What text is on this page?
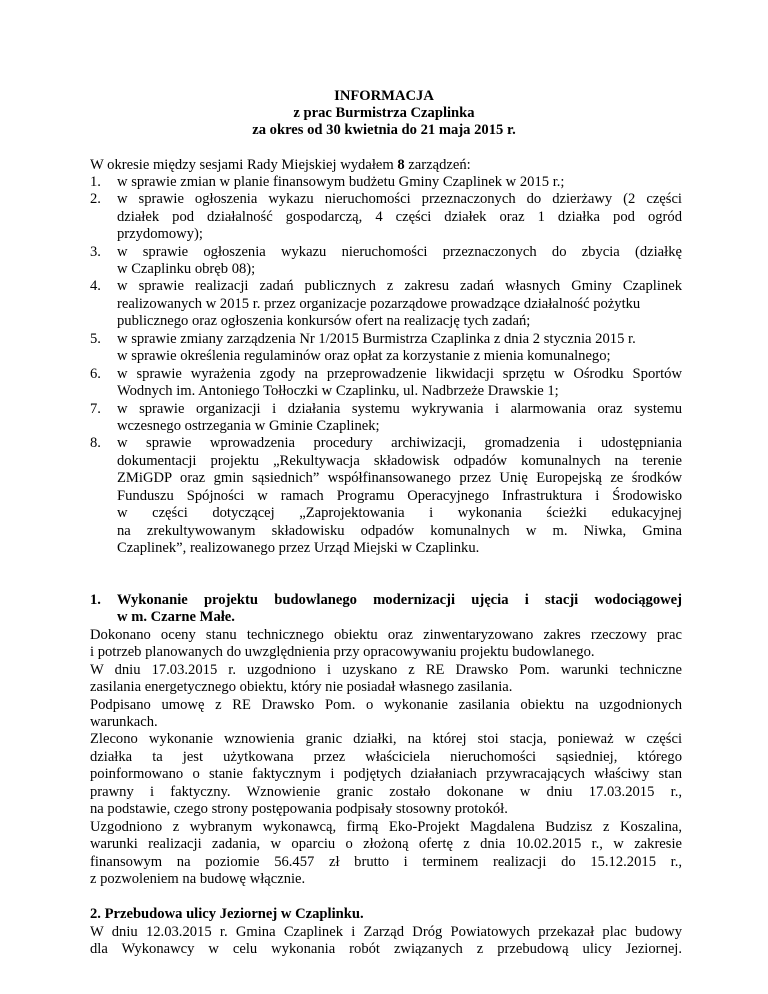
INFORMACJA
z prac Burmistrza Czaplinka
za okres od 30 kwietnia do 21 maja 2015 r.
W okresie między sesjami Rady Miejskiej wydałem 8 zarządzeń:
1. w sprawie zmian w planie finansowym budżetu Gminy Czaplinek w 2015 r.;
2. w sprawie ogłoszenia wykazu nieruchomości przeznaczonych do dzierżawy (2 części
działek pod działalność gospodarczą, 4 części działek oraz 1 działka pod ogród
przydomowy);
3. w sprawie ogłoszenia wykazu nieruchomości przeznaczonych do zbycia (działkę
w Czaplinku obręb 08);
4. w sprawie realizacji zadań publicznych z zakresu zadań własnych Gminy Czaplinek
realizowanych w 2015 r. przez organizacje pozarządowe prowadzące działalność pożytku
publicznego oraz ogłoszenia konkursów ofert na realizację tych zadań;
5. w sprawie zmiany zarządzenia Nr 1/2015 Burmistrza Czaplinka z dnia 2 stycznia 2015 r.
w sprawie określenia regulaminów oraz opłat za korzystanie z mienia komunalnego;
6. w sprawie wyrażenia zgody na przeprowadzenie likwidacji sprzętu w Ośrodku Sportów
Wodnych im. Antoniego Tołłoczki w Czaplinku, ul. Nadbrzeże Drawskie 1;
7. w sprawie organizacji i działania systemu wykrywania i alarmowania oraz systemu
wczesnego ostrzegania w Gminie Czaplinek;
8. w sprawie wprowadzenia procedury archiwizacji, gromadzenia i udostępniania
dokumentacji projektu „Rekultywacja składowisk odpadów komunalnych na terenie
ZMiGDP oraz gmin sąsiednich” współfinansowanego przez Unię Europejską ze środków
Funduszu Spójności w ramach Programu Operacyjnego Infrastruktura i Środowisko
w części dotyczącej „Zaprojektowania i wykonania ścieżki edukacyjnej
na zrekultywowanym składowisku odpadów komunalnych w m. Niwka, Gmina
Czaplinek”, realizowanego przez Urząd Miejski w Czaplinku.
1. Wykonanie projektu budowlanego modernizacji ujęcia i stacji wodociągowej
w m. Czarne Małe.
Dokonano oceny stanu technicznego obiektu oraz zinwentaryzowano zakres rzeczowy prac
i potrzeb planowanych do uwzględnienia przy opracowywaniu projektu budowlanego.
W dniu 17.03.2015 r. uzgodniono i uzyskano z RE Drawsko Pom. warunki techniczne
zasilania energetycznego obiektu, który nie posiadał własnego zasilania.
Podpisano umowę z RE Drawsko Pom. o wykonanie zasilania obiektu na uzgodnionych
warunkach.
Zlecono wykonanie wznowienia granic działki, na której stoi stacja, ponieważ w części
działka ta jest użytkowana przez właściciela nieruchomości sąsiedniej, którego
poinformowano o stanie faktycznym i podjętych działaniach przywracających właściwy stan
prawny i faktyczny. Wznowienie granic zostało dokonane w dniu 17.03.2015 r.,
na podstawie, czego strony postępowania podpisały stosowny protokół.
Uzgodniono z wybranym wykonawcą, firmą Eko-Projekt Magdalena Budzisz z Koszalina,
warunki realizacji zadania, w oparciu o złożoną ofertę z dnia 10.02.2015 r., w zakresie
finansowym na poziomie 56.457 zł brutto i terminem realizacji do 15.12.2015 r.,
z pozwoleniem na budowę włącznie.
2. Przebudowa ulicy Jeziornej w Czaplinku.
W dniu 12.03.2015 r. Gmina Czaplinek i Zarząd Dróg Powiatowych przekazał plac budowy
dla Wykonawcy w celu wykonania robót związanych z przebudową ulicy Jeziornej.
